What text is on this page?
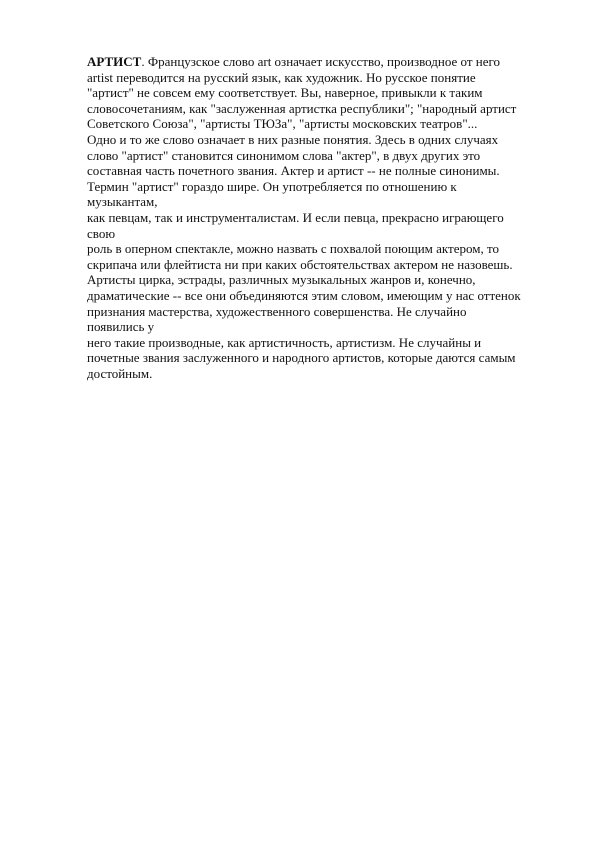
АРТИСТ. Французское слово art означает искусство, производное от него
artist переводится на русский язык, как художник. Но русское понятие
"артист" не совсем ему соответствует. Вы, наверное, привыкли к таким
словосочетаниям, как "заслуженная артистка республики"; "народный артист
Советского Союза", "артисты ТЮЗа", "артисты московских театров"...
Одно и то же слово означает в них разные понятия. Здесь в одних случаях
слово "артист" становится синонимом слова "актер", в двух других это
составная часть почетного звания. Актер и артист -- не полные синонимы.
Термин "артист" гораздо шире. Он употребляется по отношению к
музыкантам,
как певцам, так и инструменталистам. И если певца, прекрасно играющего
свою
роль в оперном спектакле, можно назвать с похвалой поющим актером, то
скрипача или флейтиста ни при каких обстоятельствах актером не назовешь.
Артисты цирка, эстрады, различных музыкальных жанров и, конечно,
драматические -- все они объединяются этим словом, имеющим у нас оттенок
признания мастерства, художественного совершенства. Не случайно
появились у
него такие производные, как артистичность, артистизм. Не случайны и
почетные звания заслуженного и народного артистов, которые даются самым
достойным.
